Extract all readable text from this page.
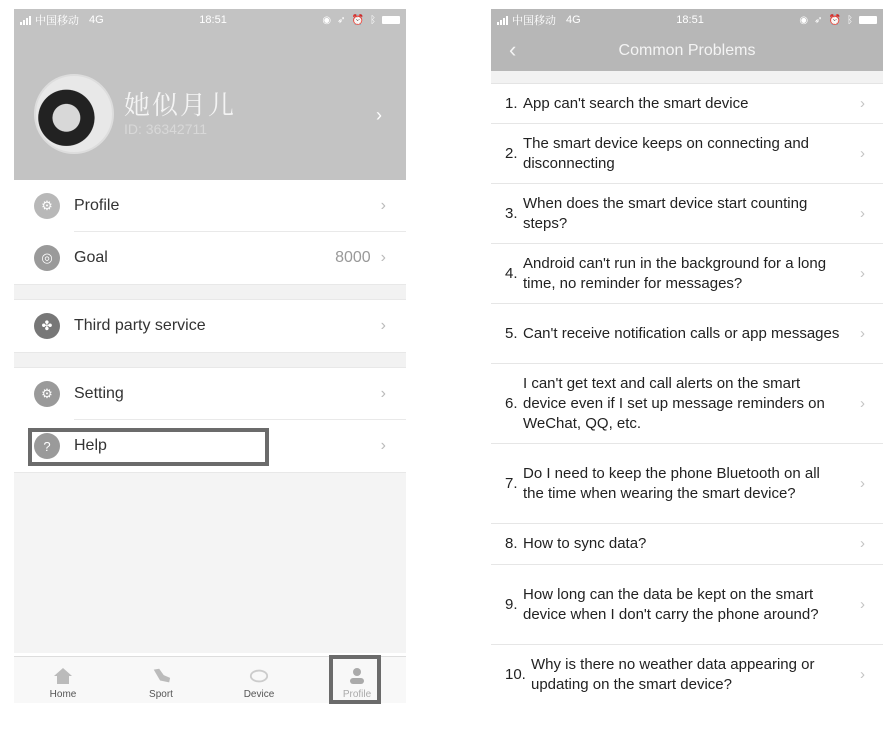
中国移动 4G	18:51	◉ ➶ ⏰ ᛒ
她似月儿
ID: 36342711
›
⚙	Profile	›
◎	Goal	8000 ›
✤	Third party service	›
⚙	Setting	›
?	Help	›
Home	Sport	Device	Profile
中国移动 4G	18:51	◉ ➶ ⏰ ᛒ
‹	Common Problems
1. App can't search the smart device	›
2.
The smart device keeps on connecting and disconnecting
›
3.
When does the smart device start counting steps?
›
4.
Android can't run in the background for a long time, no reminder for messages?
›
5. Can't receive notification calls or app messages	›
6.
I can't get text and call alerts on the smart device even if I set up message reminders on WeChat, QQ, etc.
›
7.
Do I need to keep the phone Bluetooth on all the time when wearing the smart device?
›
8. How to sync data?	›
9.
How long can the data be kept on the smart device when I don't carry the phone around?
›
10.
Why is there no weather data appearing or updating on the smart device?
›
